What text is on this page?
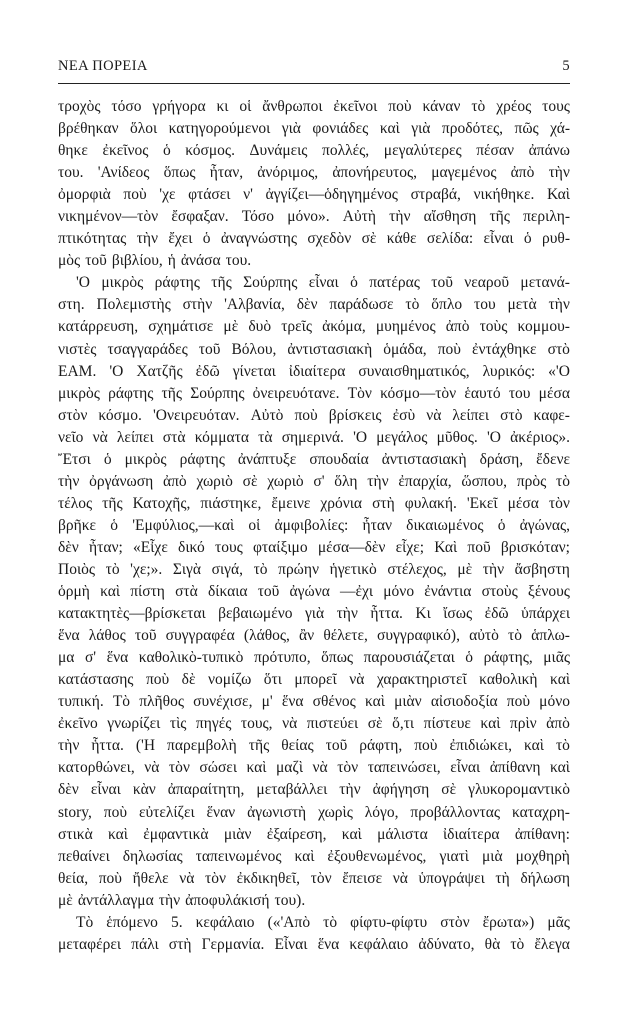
ΝΕΑ ΠΟΡΕΙΑ	5
τροχὸς τόσο γρήγορα κι οἱ ἄνθρωποι ἐκεῖνοι ποὺ κάναν τὸ χρέος τους
βρέθηκαν ὅλοι κατηγορούμενοι γιὰ φονιάδες καὶ γιὰ προδότες, πῶς χά-
θηκε ἐκεῖνος ὁ κόσμος. Δυνάμεις πολλές, μεγαλύτερες πέσαν ἀπάνω
του. 'Ανίδεος ὅπως ἦταν, ἀνόριμος, ἀπονήρευτος, μαγεμένος ἀπὸ τὴν
ὀμορφιὰ ποὺ 'χε φτάσει ν' ἀγγίζει—ὁδηγημένος στραβά, νικήθηκε. Καὶ
νικημένον—τὸν ἔσφαξαν. Τόσο μόνο». Αὐτὴ τὴν αἴσθηση τῆς περιλη-
πτικότητας τὴν ἔχει ὁ ἀναγνώστης σχεδὸν σὲ κάθε σελίδα: εἶναι ὁ ρυθ-
μὸς τοῦ βιβλίου, ἡ ἀνάσα του.
'Ο μικρὸς ράφτης τῆς Σούρπης εἶναι ὁ πατέρας τοῦ νεαροῦ μετανά-
στη. Πολεμιστὴς στὴν 'Αλβανία, δὲν παράδωσε τὸ ὅπλο του μετὰ τὴν
κατάρρευση, σχημάτισε μὲ δυὸ τρεῖς ἀκόμα, μυημένος ἀπὸ τοὺς κομμου-
νιστὲς τσαγγαράδες τοῦ Βόλου, ἀντιστασιακὴ ὁμάδα, ποὺ ἐντάχθηκε στὸ
ΕΑΜ. 'Ο Χατζῆς ἐδῶ γίνεται ἰδιαίτερα συναισθηματικός, λυρικός: «'Ο
μικρὸς ράφτης τῆς Σούρπης ὀνειρευότανε. Τὸν κόσμο—τὸν ἑαυτό του μέσα
στὸν κόσμο. 'Ονειρευόταν. Αὐτὸ ποὺ βρίσκεις ἐσὺ νὰ λείπει στὸ καφε-
νεῖο νὰ λείπει στὰ κόμματα τὰ σημερινά. 'Ο μεγάλος μῦθος. 'Ο ἀκέριος».
Ἔτσι ὁ μικρὸς ράφτης ἀνάπτυξε σπουδαία ἀντιστασιακὴ δράση, ἔδενε
τὴν ὀργάνωση ἀπὸ χωριὸ σὲ χωριὸ σ' ὅλη τὴν ἐπαρχία, ὥσπου, πρὸς τὸ
τέλος τῆς Κατοχῆς, πιάστηκε, ἔμεινε χρόνια στὴ φυλακή. 'Εκεῖ μέσα τὸν
βρῆκε ὁ 'Εμφύλιος,—καὶ οἱ ἀμφιβολίες: ἦταν δικαιωμένος ὁ ἀγώνας,
δὲν ἦταν; «Εἶχε δικό τους φταίξιμο μέσα—δὲν εἶχε; Καὶ ποῦ βρισκόταν;
Ποιὸς τὸ 'χε;». Σιγὰ σιγά, τὸ πρώην ἡγετικὸ στέλεχος, μὲ τὴν ἄσβηστη
ὁρμὴ καὶ πίστη στὰ δίκαια τοῦ ἀγώνα —ἐχι μόνο ἐνάντια στοὺς ξένους
κατακτητὲς—βρίσκεται βεβαιωμένο γιὰ τὴν ἧττα. Κι ἴσως ἐδῶ ὑπάρχει
ἕνα λάθος τοῦ συγγραφέα (λάθος, ἂν θέλετε, συγγραφικό), αὐτὸ τὸ ἁπλω-
μα σ' ἕνα καθολικὸ-τυπικὸ πρότυπο, ὅπως παρουσιάζεται ὁ ράφτης, μιᾶς
κατάστασης ποὺ δὲ νομίζω ὅτι μπορεῖ νὰ χαρακτηριστεῖ καθολικὴ καὶ
τυπική. Τὸ πλῆθος συνέχισε, μ' ἕνα σθένος καὶ μιὰν αἰσιοδοξία ποὺ μόνο
ἐκεῖνο γνωρίζει τὶς πηγές τους, νὰ πιστεύει σὲ ὅ,τι πίστευε καὶ πρὶν ἀπὸ
τὴν ἧττα. ('Η παρεμβολὴ τῆς θείας τοῦ ράφτη, ποὺ ἐπιδιώκει, καὶ τὸ
κατορθώνει, νὰ τὸν σώσει καὶ μαζὶ νὰ τὸν ταπεινώσει, εἶναι ἀπίθανη καὶ
δὲν εἶναι κὰν ἀπαραίτητη, μεταβάλλει τὴν ἀφήγηση σὲ γλυκορομαντικὸ
story, ποὺ εὐτελίζει ἕναν ἀγωνιστὴ χωρὶς λόγο, προβάλλοντας καταχρη-
στικὰ καὶ ἐμφαντικὰ μιὰν ἐξαίρεση, καὶ μάλιστα ἰδιαίτερα ἀπίθανη:
πεθαίνει δηλωσίας ταπεινωμένος καὶ ἐξουθενωμένος, γιατὶ μιὰ μοχθηρὴ
θεία, ποὺ ἤθελε νὰ τὸν ἐκδικηθεῖ, τὸν ἔπεισε νὰ ὑπογράψει τὴ δήλωση
μὲ ἀντάλλαγμα τὴν ἀποφυλάκισή του).
Τὸ ἑπόμενο 5. κεφάλαιο («'Απὸ τὸ φίφτυ-φίφτυ στὸν ἔρωτα») μᾶς
μεταφέρει πάλι στὴ Γερμανία. Εἶναι ἕνα κεφάλαιο ἀδύνατο, θὰ τὸ ἔλεγα
